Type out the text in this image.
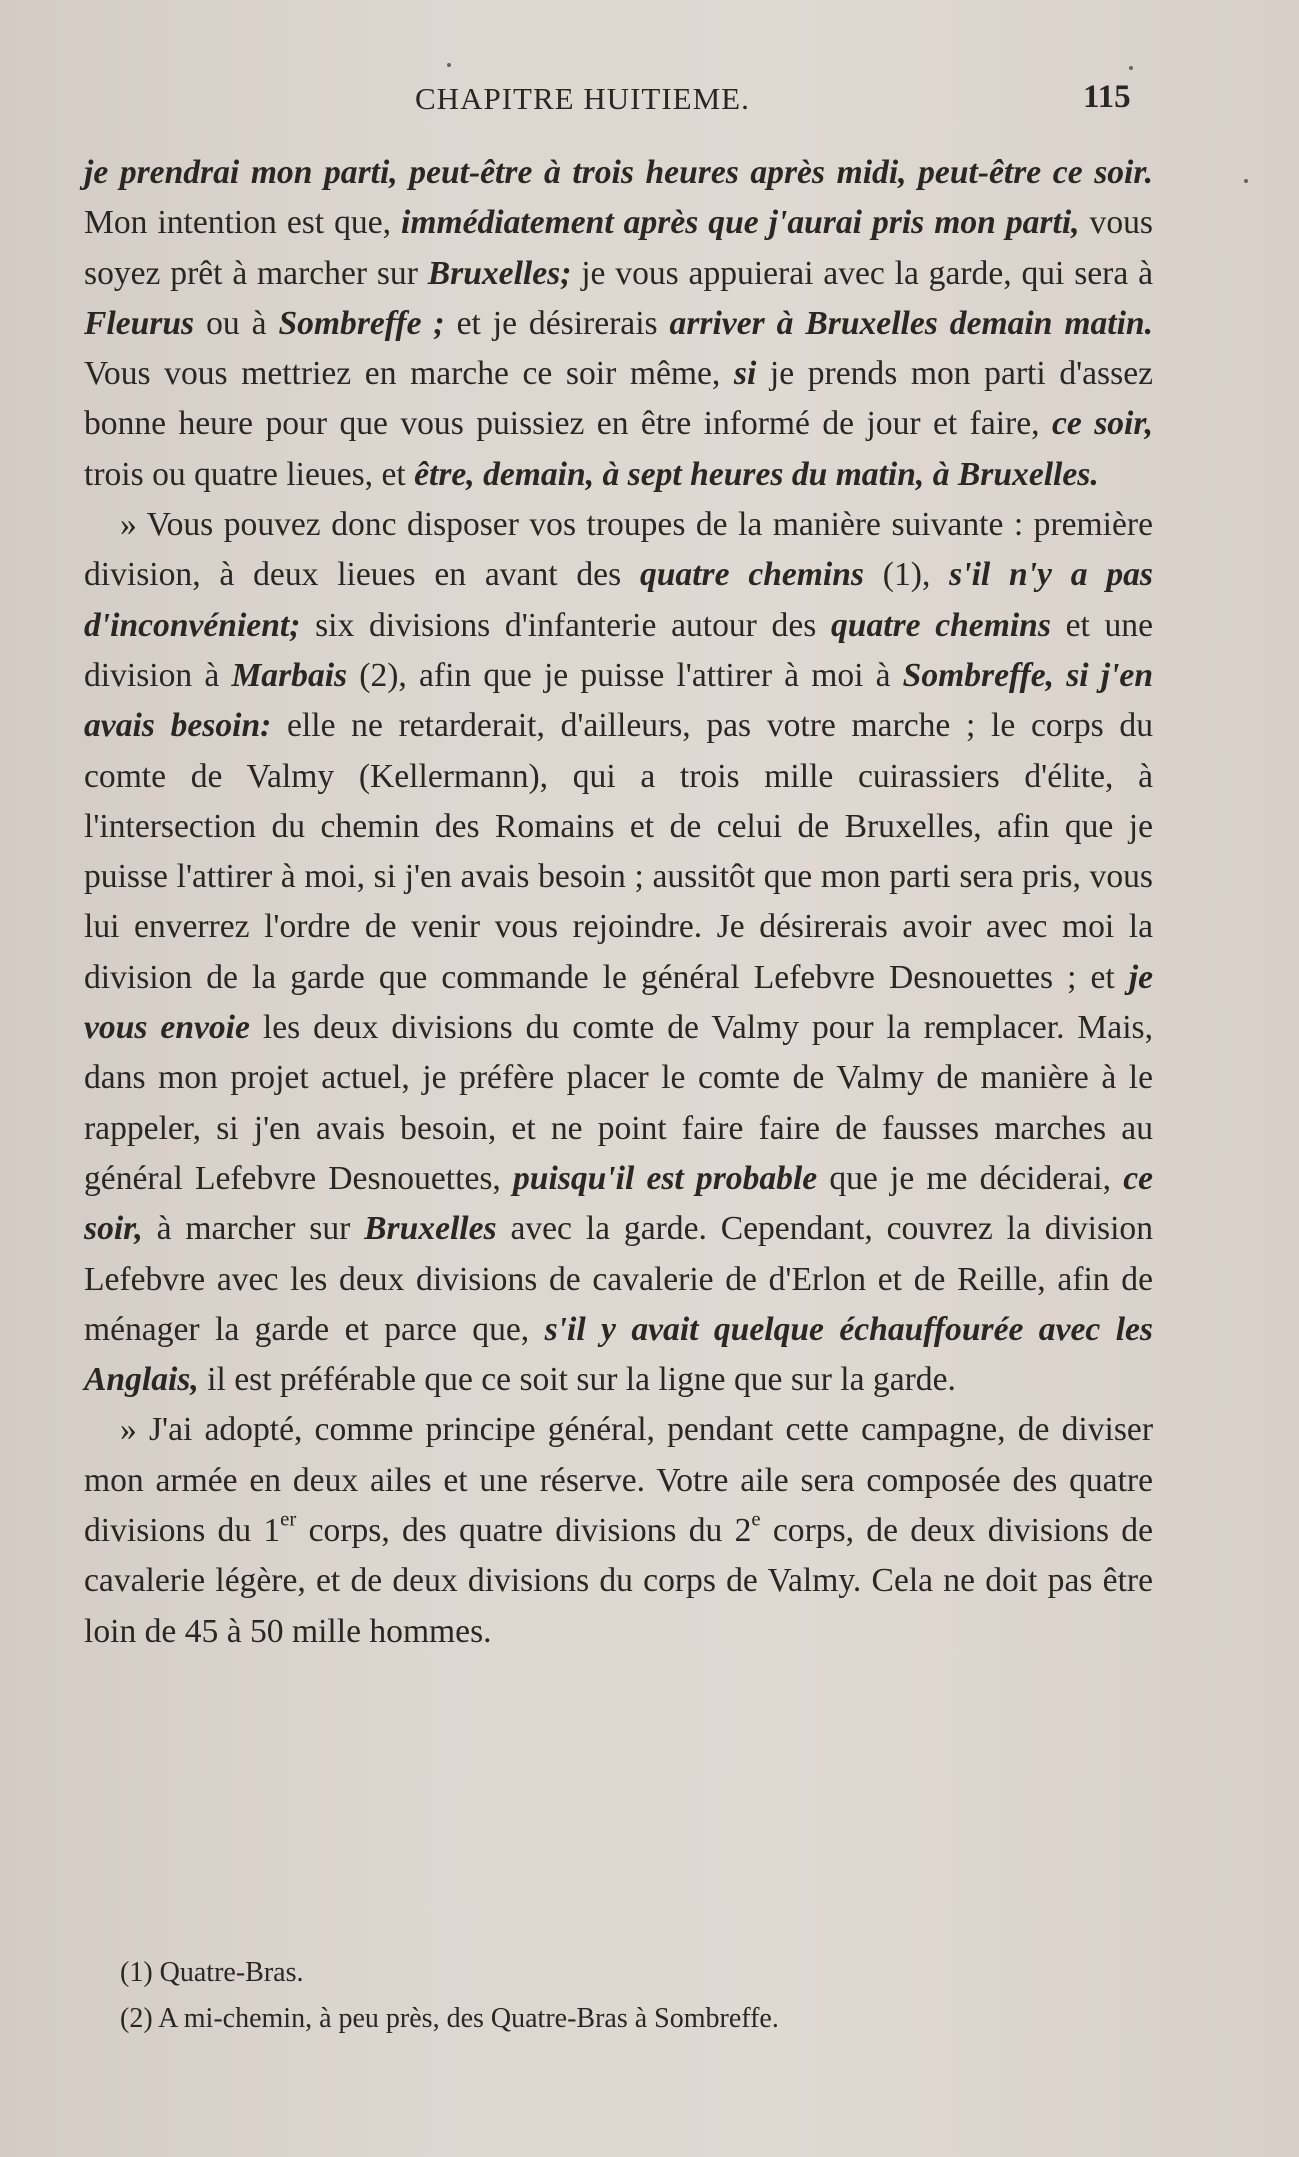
CHAPITRE HUITIEME.	115

je prendrai mon parti, peut-être à trois heures après midi, peut-être ce soir. Mon intention est que, immédiatement après que j'aurai pris mon parti, vous soyez prêt à marcher sur Bruxelles; je vous appuierai avec la garde, qui sera à Fleurus ou à Sombreffe ; et je désirerais arriver à Bruxelles demain matin. Vous vous mettriez en marche ce soir même, si je prends mon parti d'assez bonne heure pour que vous puissiez en être informé de jour et faire, ce soir, trois ou quatre lieues, et être, demain, à sept heures du matin, à Bruxelles.

» Vous pouvez donc disposer vos troupes de la manière suivante : première division, à deux lieues en avant des quatre chemins (1), s'il n'y a pas d'inconvénient; six divisions d'infanterie autour des quatre chemins et une division à Marbais (2), afin que je puisse l'attirer à moi à Sombreffe, si j'en avais besoin: elle ne retarderait, d'ailleurs, pas votre marche ; le corps du comte de Valmy (Kellermann), qui a trois mille cuirassiers d'élite, à l'intersection du chemin des Romains et de celui de Bruxelles, afin que je puisse l'attirer à moi, si j'en avais besoin ; aussitôt que mon parti sera pris, vous lui enverrez l'ordre de venir vous rejoindre. Je désirerais avoir avec moi la division de la garde que commande le général Lefebvre Desnouettes ; et je vous envoie les deux divisions du comte de Valmy pour la remplacer. Mais, dans mon projet actuel, je préfère placer le comte de Valmy de manière à le rappeler, si j'en avais besoin, et ne point faire faire de fausses marches au général Lefebvre Desnouettes, puisqu'il est probable que je me déciderai, ce soir, à marcher sur Bruxelles avec la garde. Cependant, couvrez la division Lefebvre avec les deux divisions de cavalerie de d'Erlon et de Reille, afin de ménager la garde et parce que, s'il y avait quelque échauffourée avec les Anglais, il est préférable que ce soit sur la ligne que sur la garde.

» J'ai adopté, comme principe général, pendant cette campagne, de diviser mon armée en deux ailes et une réserve. Votre aile sera composée des quatre divisions du 1er corps, des quatre divisions du 2e corps, de deux divisions de cavalerie légère, et de deux divisions du corps de Valmy. Cela ne doit pas être loin de 45 à 50 mille hommes.

(1) Quatre-Bras.

(2) A mi-chemin, à peu près, des Quatre-Bras à Sombreffe.
